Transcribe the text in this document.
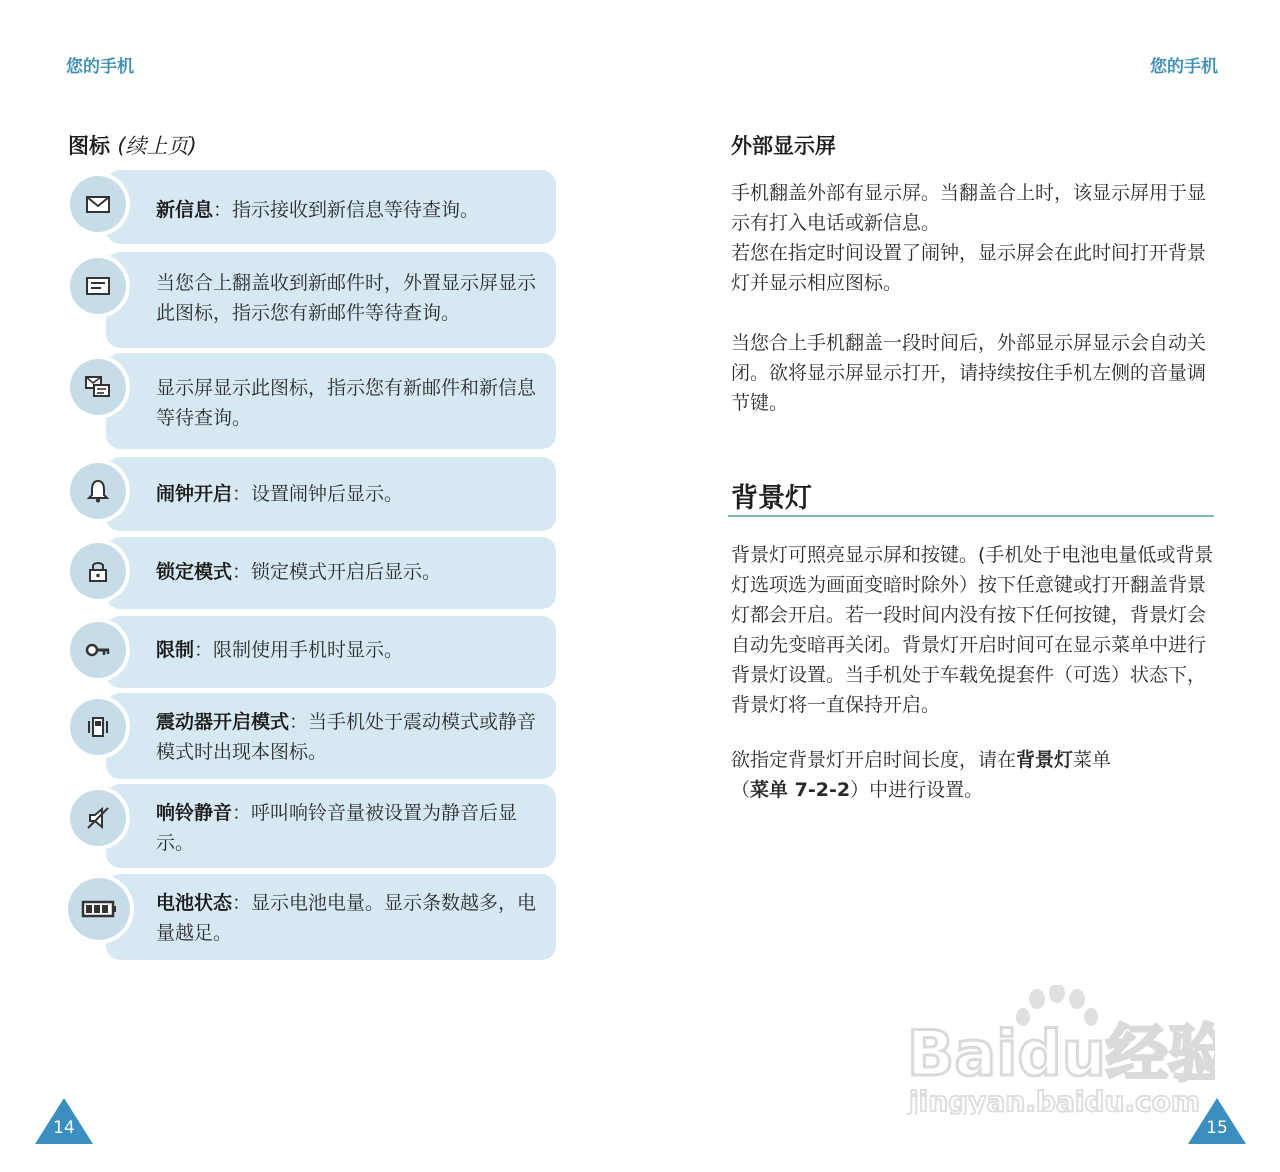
您的手机	您的手机
图标 (续上页)
新信息：指示接收到新信息等待查询。
当您合上翻盖收到新邮件时，外置显示屏显示此图标，指示您有新邮件等待查询。
显示屏显示此图标，指示您有新邮件和新信息等待查询。
闹钟开启：设置闹钟后显示。
锁定模式：锁定模式开启后显示。
限制：限制使用手机时显示。
震动器开启模式：当手机处于震动模式或静音模式时出现本图标。
响铃静音：呼叫响铃音量被设置为静音后显示。
电池状态：显示电池电量。显示条数越多，电量越足。
外部显示屏
手机翻盖外部有显示屏。当翻盖合上时，该显示屏用于显示有打入电话或新信息。
若您在指定时间设置了闹钟，显示屏会在此时间打开背景灯并显示相应图标。
当您合上手机翻盖一段时间后，外部显示屏显示会自动关闭。欲将显示屏显示打开，请持续按住手机左侧的音量调节键。
背景灯
背景灯可照亮显示屏和按键。(手机处于电池电量低或背景灯选项选为画面变暗时除外）按下任意键或打开翻盖背景灯都会开启。若一段时间内没有按下任何按键，背景灯会自动先变暗再关闭。背景灯开启时间可在显示菜单中进行背景灯设置。当手机处于车载免提套件（可选）状态下，背景灯将一直保持开启。
欲指定背景灯开启时间长度，请在背景灯菜单
（菜单 7-2-2）中进行设置。
Baidu经验
jingyan.baidu.com
14	15
